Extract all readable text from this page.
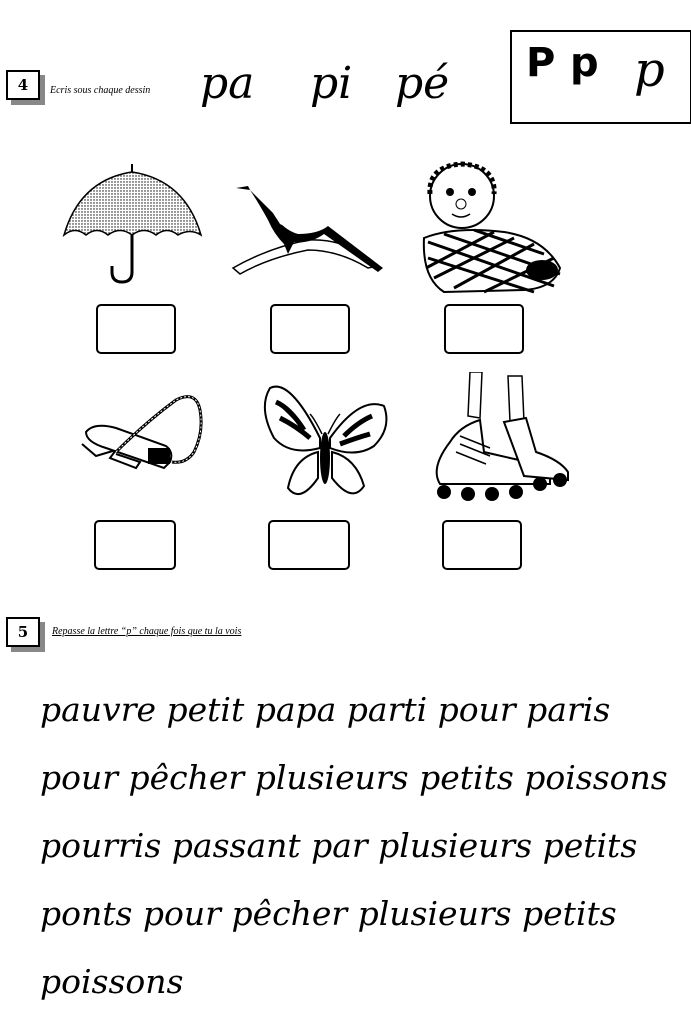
4	Ecris sous chaque dessin pa pi pé P p p
5	Repasse la lettre “p” chaque fois que tu la vois
pauvre petit papa parti pour paris
pour pêcher plusieurs petits poissons
pourris passant par plusieurs petits
ponts pour pêcher plusieurs petits
poissons
